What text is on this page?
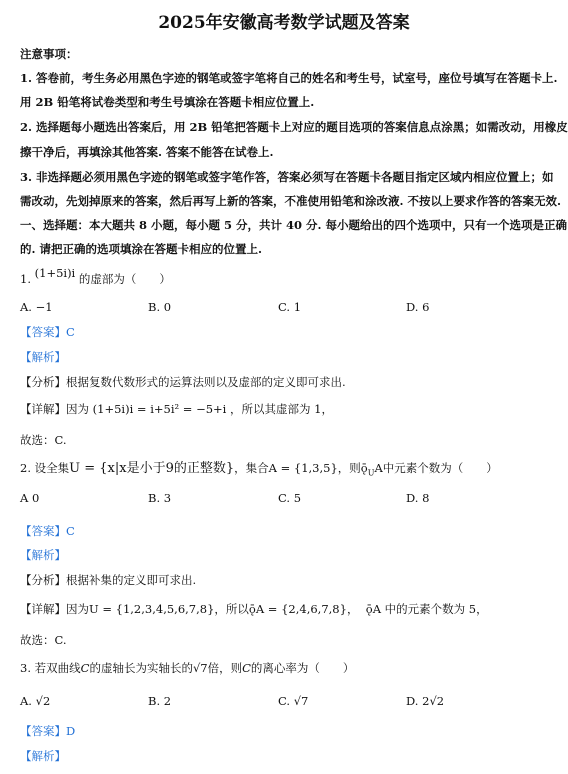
2025年安徽高考数学试题及答案
注意事项：
1. 答卷前，考生务必用黑色字迹的钢笔或签字笔将自己的姓名和考生号，试室号，座位号填写在答题卡上.
用 2B 铅笔将试卷类型和考生号填涂在答题卡相应位置上.
2. 选择题每小题选出答案后，用 2B 铅笔把答题卡上对应的题目选项的答案信息点涂黑；如需改动，用橡皮
擦干净后，再填涂其他答案. 答案不能答在试卷上.
3. 非选择题必须用黑色字迹的钢笔或签字笔作答，答案必须写在答题卡各题目指定区域内相应位置上；如
需改动，先划掉原来的答案，然后再写上新的答案，不准使用铅笔和涂改液. 不按以上要求作答的答案无效.
一、选择题：本大题共 8 小题，每小题 5 分，共计 40 分. 每小题给出的四个选项中，只有一个选项是正确
的. 请把正确的选项填涂在答题卡相应的位置上.
1. (1+5i)i 的虚部为（　　）
A. −1	B. 0	C. 1	D. 6
【答案】C
【解析】
【分析】根据复数代数形式的运算法则以及虚部的定义即可求出.
【详解】因为 (1+5i)i = i+5i² = −5+i ，所以其虚部为 1，
故选：C.
2. 设全集U = {x|x是小于9的正整数}，集合A = {1,3,5}，则$ǭ_UA$中元素个数为（　　）
A 0	B. 3	C. 5	D. 8
【答案】C
【解析】
【分析】根据补集的定义即可求出.
【详解】因为U = {1,2,3,4,5,6,7,8}，所以ǭA = {2,4,6,7,8}， ǭA 中的元素个数为 5，
故选：C.
3. 若双曲线C的虚轴长为实轴长的√7倍，则C的离心率为（　　）
A. √2	B. 2	C. √7	D. 2√2
【答案】D
【解析】
